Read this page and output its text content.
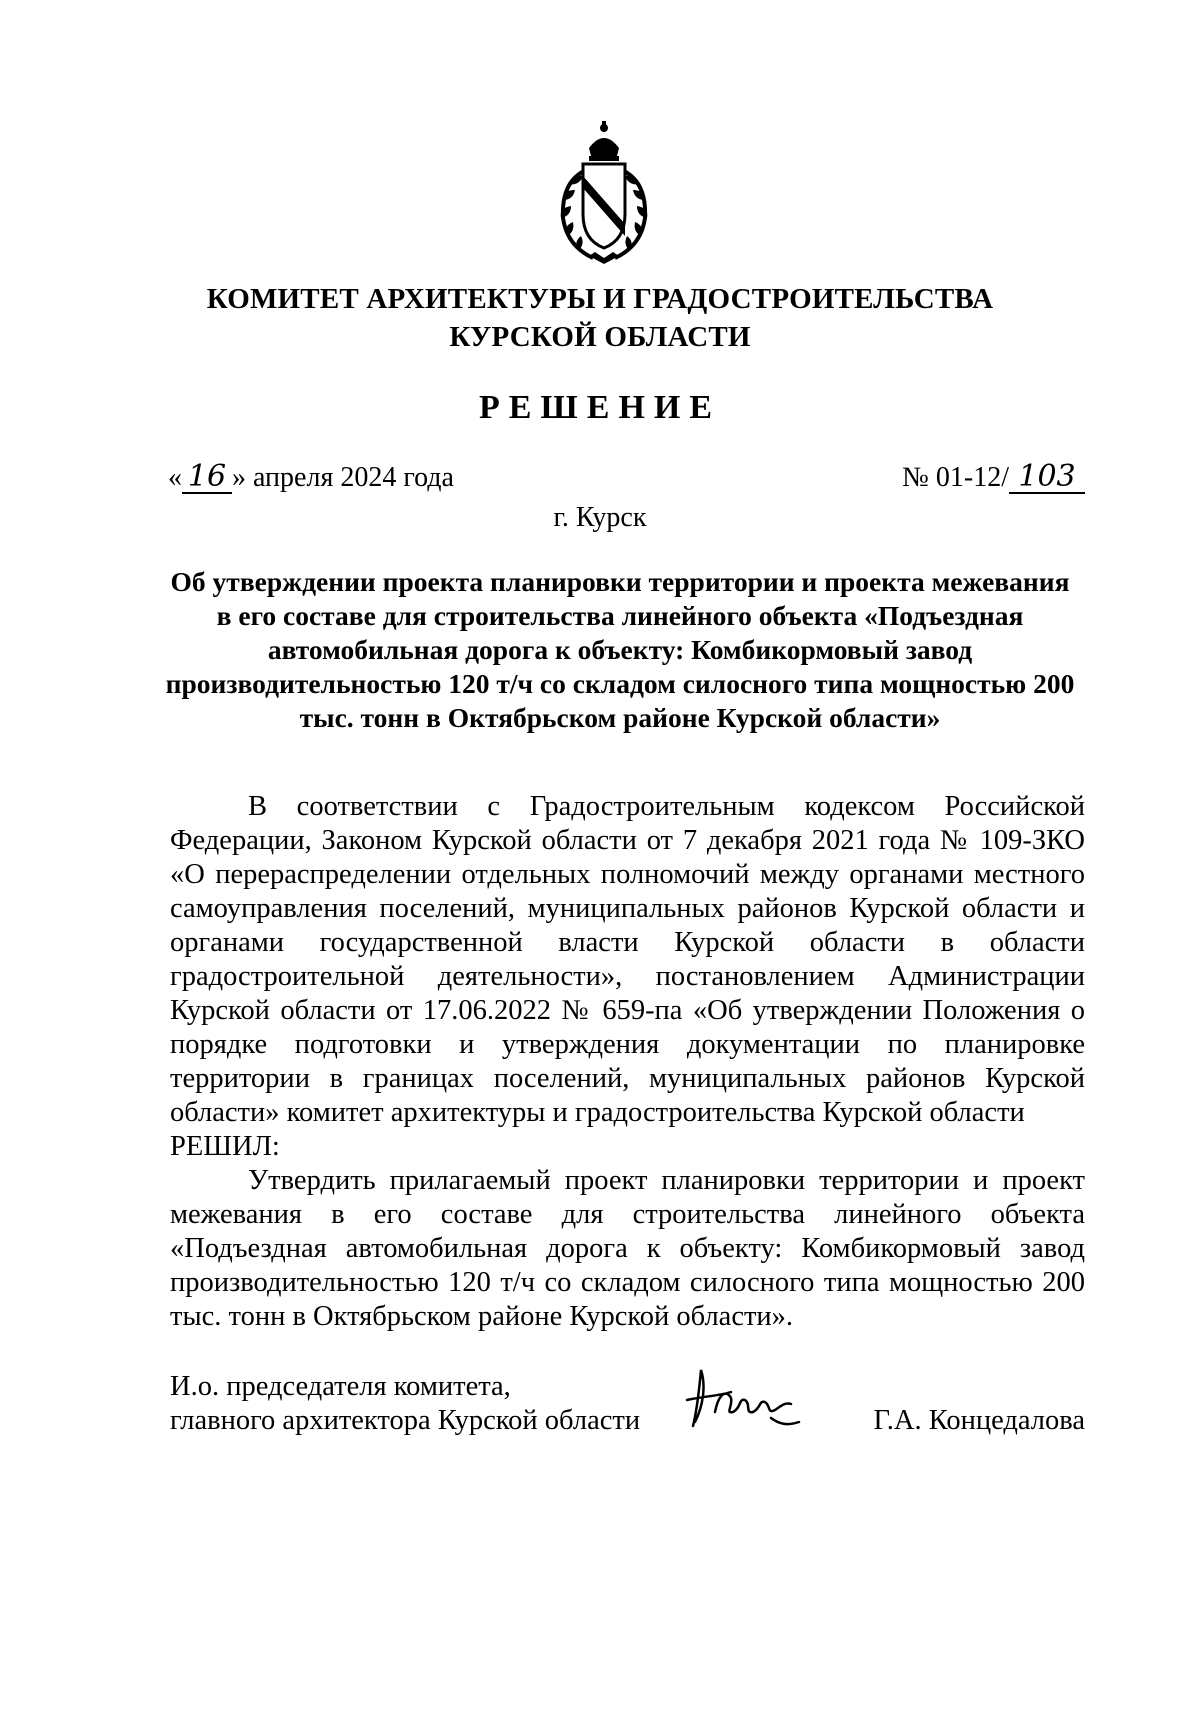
КОМИТЕТ АРХИТЕКТУРЫ И ГРАДОСТРОИТЕЛЬСТВА
КУРСКОЙ ОБЛАСТИ
РЕШЕНИЕ
« 16 » апреля 2024 года	№ 01-12/ 103
г. Курск
Об утверждении проекта планировки территории и проекта межевания в его составе для строительства линейного объекта «Подъездная автомобильная дорога к объекту: Комбикормовый завод производительностью 120 т/ч со складом силосного типа мощностью 200 тыс. тонн в Октябрьском районе Курской области»

В соответствии с Градостроительным кодексом Российской Федерации, Законом Курской области от 7 декабря 2021 года № 109-ЗКО «О перераспределении отдельных полномочий между органами местного самоуправления поселений, муниципальных районов Курской области и органами государственной власти Курской области в области градостроительной деятельности», постановлением Администрации Курской области от 17.06.2022 № 659-па «Об утверждении Положения о порядке подготовки и утверждения документации по планировке территории в границах поселений, муниципальных районов Курской области» комитет архитектуры и градостроительства Курской области

РЕШИЛ:

Утвердить прилагаемый проект планировки территории и проект межевания в его составе для строительства линейного объекта «Подъездная автомобильная дорога к объекту: Комбикормовый завод производительностью 120 т/ч со складом силосного типа мощностью 200 тыс. тонн в Октябрьском районе Курской области».

И.о. председателя комитета,
главного архитектора Курской области	Г.А. Концедалова
